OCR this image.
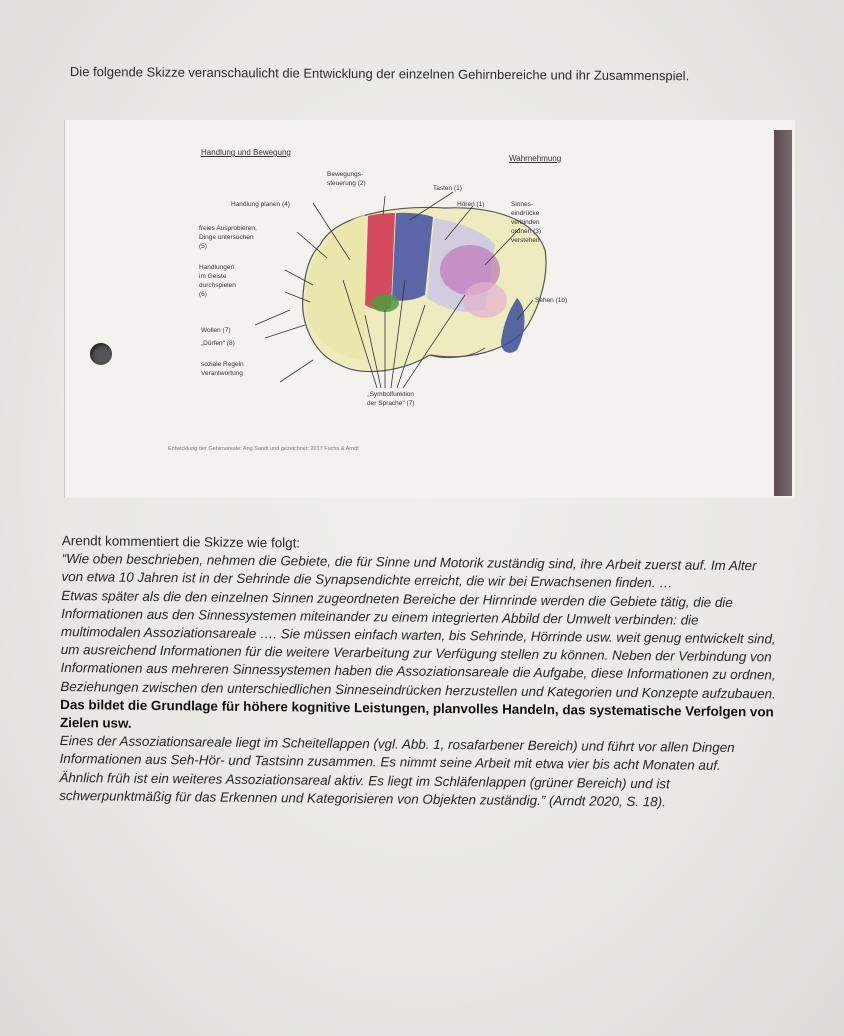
Die folgende Skizze veranschaulicht die Entwicklung der einzelnen Gehirnbereiche und ihr Zusammenspiel.
Handlung und Bewegung
Wahrnehmung
Bewegungs-
steuerung (2)
Tasten (1)
Hören (1)	Sinnes-
eindrücke
verbinden
ordnen (3)
verstehen
Handlung planen (4)
freies Ausprobieren,
Dinge untersuchen
(5)
Handlungen
im Geiste
durchspielen
(6)
Sehen (1b)
Wollen (7)
„Dürfen" (8)
soziale Regeln
Verantwortung
„Symbolfunktion
der Sprache" (7)
Entwicklung der Gehirnareale: Ang.Sandt und gezeichnet: 2017 Fuchs & Arndt

Arendt kommentiert die Skizze wie folgt:

“Wie oben beschrieben, nehmen die Gebiete, die für Sinne und Motorik zuständig sind, ihre Arbeit zuerst auf. Im Alter von etwa 10 Jahren ist in der Sehrinde die Synapsendichte erreicht, die wir bei Erwachsenen finden. …

Etwas später als die den einzelnen Sinnen zugeordneten Bereiche der Hirnrinde werden die Gebiete tätig, die die Informationen aus den Sinnessystemen miteinander zu einem integrierten Abbild der Umwelt verbinden: die multimodalen Assoziationsareale …. Sie müssen einfach warten, bis Sehrinde, Hörrinde usw. weit genug entwickelt sind, um ausreichend Informationen für die weitere Verarbeitung zur Verfügung stellen zu können. Neben der Verbindung von Informationen aus mehreren Sinnessystemen haben die Assoziationsareale die Aufgabe, diese Informationen zu ordnen, Beziehungen zwischen den unterschiedlichen Sinneseindrücken herzustellen und Kategorien und Konzepte aufzubauen. Das bildet die Grundlage für höhere kognitive Leistungen, planvolles Handeln, das systematische Verfolgen von Zielen usw.

Eines der Assoziationsareale liegt im Scheitellappen (vgl. Abb. 1, rosafarbener Bereich) und führt vor allen Dingen Informationen aus Seh-Hör- und Tastsinn zusammen. Es nimmt seine Arbeit mit etwa vier bis acht Monaten auf.

Ähnlich früh ist ein weiteres Assoziationsareal aktiv. Es liegt im Schläfenlappen (grüner Bereich) und ist schwerpunktmäßig für das Erkennen und Kategorisieren von Objekten zuständig.” (Arndt 2020, S. 18).
